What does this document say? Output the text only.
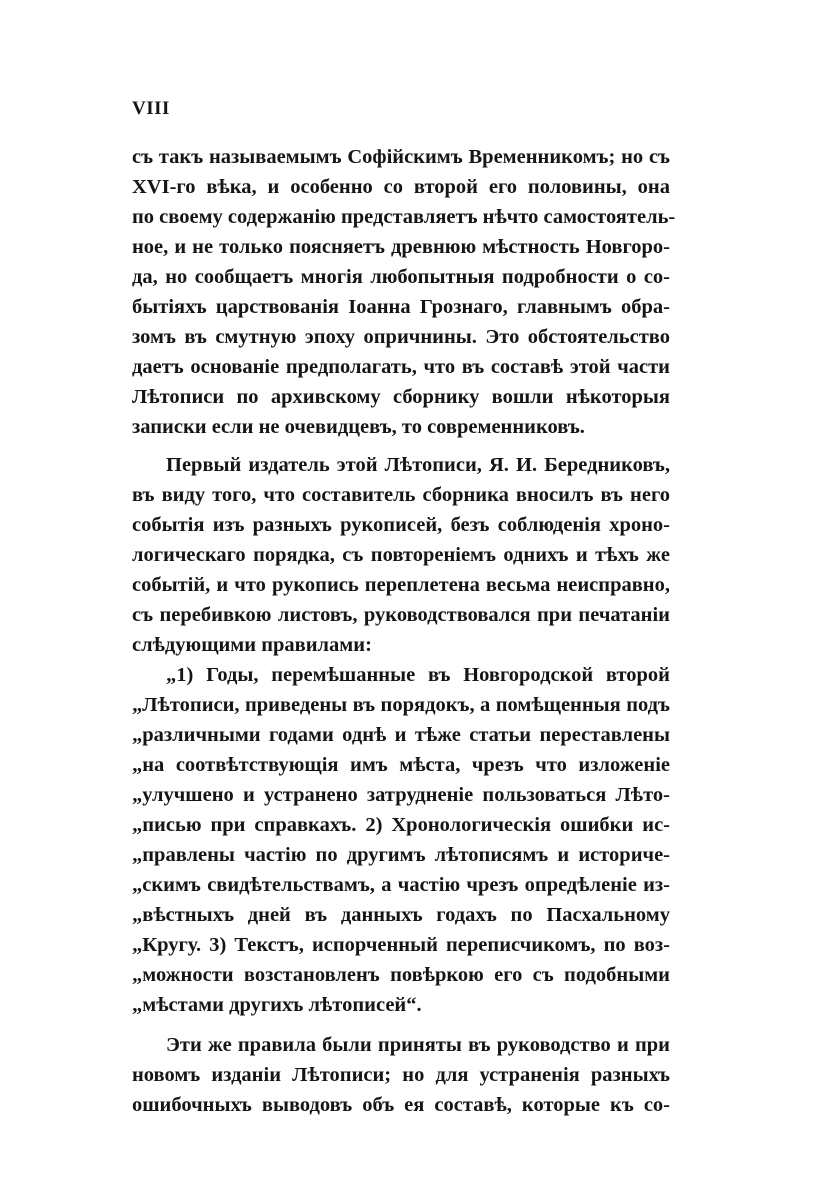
VIII
съ такъ называемымъ Софійскимъ Временникомъ; но съ
XVI-го вѣка, и особенно со второй его половины, она
по своему содержанію представляетъ нѣчто самостоятель-
ное, и не только поясняетъ древнюю мѣстность Новгоро-
да, но сообщаетъ многія любопытныя подробности о со-
бытіяхъ царствованія Іоанна Грознаго, главнымъ обра-
зомъ въ смутную эпоху опричнины. Это обстоятельство
даетъ основаніе предполагать, что въ составѣ этой части
Лѣтописи по архивскому сборнику вошли нѣкоторыя
записки если не очевидцевъ, то современниковъ.
Первый издатель этой Лѣтописи, Я. И. Бередниковъ,
въ виду того, что составитель сборника вносилъ въ него
событія изъ разныхъ рукописей, безъ соблюденія хроно-
логическаго порядка, съ повтореніемъ однихъ и тѣхъ же
событій, и что рукопись переплетена весьма неисправно,
съ перебивкою листовъ, руководствовался при печатаніи
слѣдующими правилами:
„1) Годы, перемѣшанные въ Новгородской второй
„Лѣтописи, приведены въ порядокъ, а помѣщенныя подъ
„различными годами однѣ и тѣже статьи переставлены
„на соотвѣтствующія имъ мѣста, чрезъ что изложеніе
„улучшено и устранено затрудненіе пользоваться Лѣто-
„писью при справкахъ. 2) Хронологическія ошибки ис-
„правлены частію по другимъ лѣтописямъ и историче-
„скимъ свидѣтельствамъ, а частію чрезъ опредѣленіе из-
„вѣстныхъ дней въ данныхъ годахъ по Пасхальному
„Кругу. 3) Текстъ, испорченный переписчикомъ, по воз-
„можности возстановленъ повѣркою его съ подобными
„мѣстами другихъ лѣтописей“.
Эти же правила были приняты въ руководство и при
новомъ изданіи Лѣтописи; но для устраненія разныхъ
ошибочныхъ выводовъ объ ея составѣ, которые къ со-
